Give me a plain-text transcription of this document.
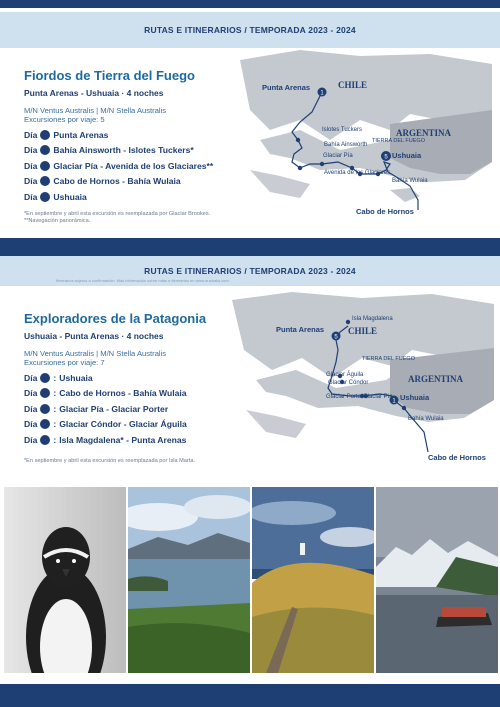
RUTAS E ITINERARIOS / TEMPORADA 2023 - 2024
Fiordos de Tierra del Fuego
Punta Arenas - Ushuaia · 4 noches
M/N Ventus Australis | M/N Stella Australis
Excursiones por viaje: 5
Día Punta Arenas
Día Bahía Ainsworth - Islotes Tuckers*
Día Glaciar Pía - Avenida de los Glaciares**
Día Cabo de Hornos - Bahía Wulaia
Día Ushuaia
*En septiembre y abril esta excursión es reemplazada por Glaciar Brookes.
**Navegación panorámica.
1
5
Punta Arenas	CHILE
TIERRA DEL FUEGO
ARGENTINA
Islotes Tuckers
Bahía Ainsworth
Glaciar Pía	Ushuaia
Avenida de los Glaciares
Bahía Wulaia
Cabo de Hornos
RUTAS E ITINERARIOS / TEMPORADA 2023 - 2024
Itinerarios sujetos a confirmación. Más información sobre rutas e itinerarios en www.australis.com
Exploradores de la Patagonia
Ushuaia - Punta Arenas · 4 noches
M/N Ventus Australis | M/N Stella Australis
Excursiones por viaje: 7
Día : Ushuaia
Día : Cabo de Hornos - Bahía Wulaia
Día : Glaciar Pía - Glaciar Porter
Día : Glaciar Cóndor - Glaciar Águila
Día : Isla Magdalena* - Punta Arenas
*En septiembre y abril esta excursión es reemplazada por Isla Marta.
5
1
Isla Magdalena
Punta Arenas	CHILE
TIERRA DEL FUEGO
ARGENTINA
Glaciar Águila
Glaciar Cóndor
Glaciar PorterGlaciar Pía Ushuaia
Bahía Wulaia
Cabo de Hornos
